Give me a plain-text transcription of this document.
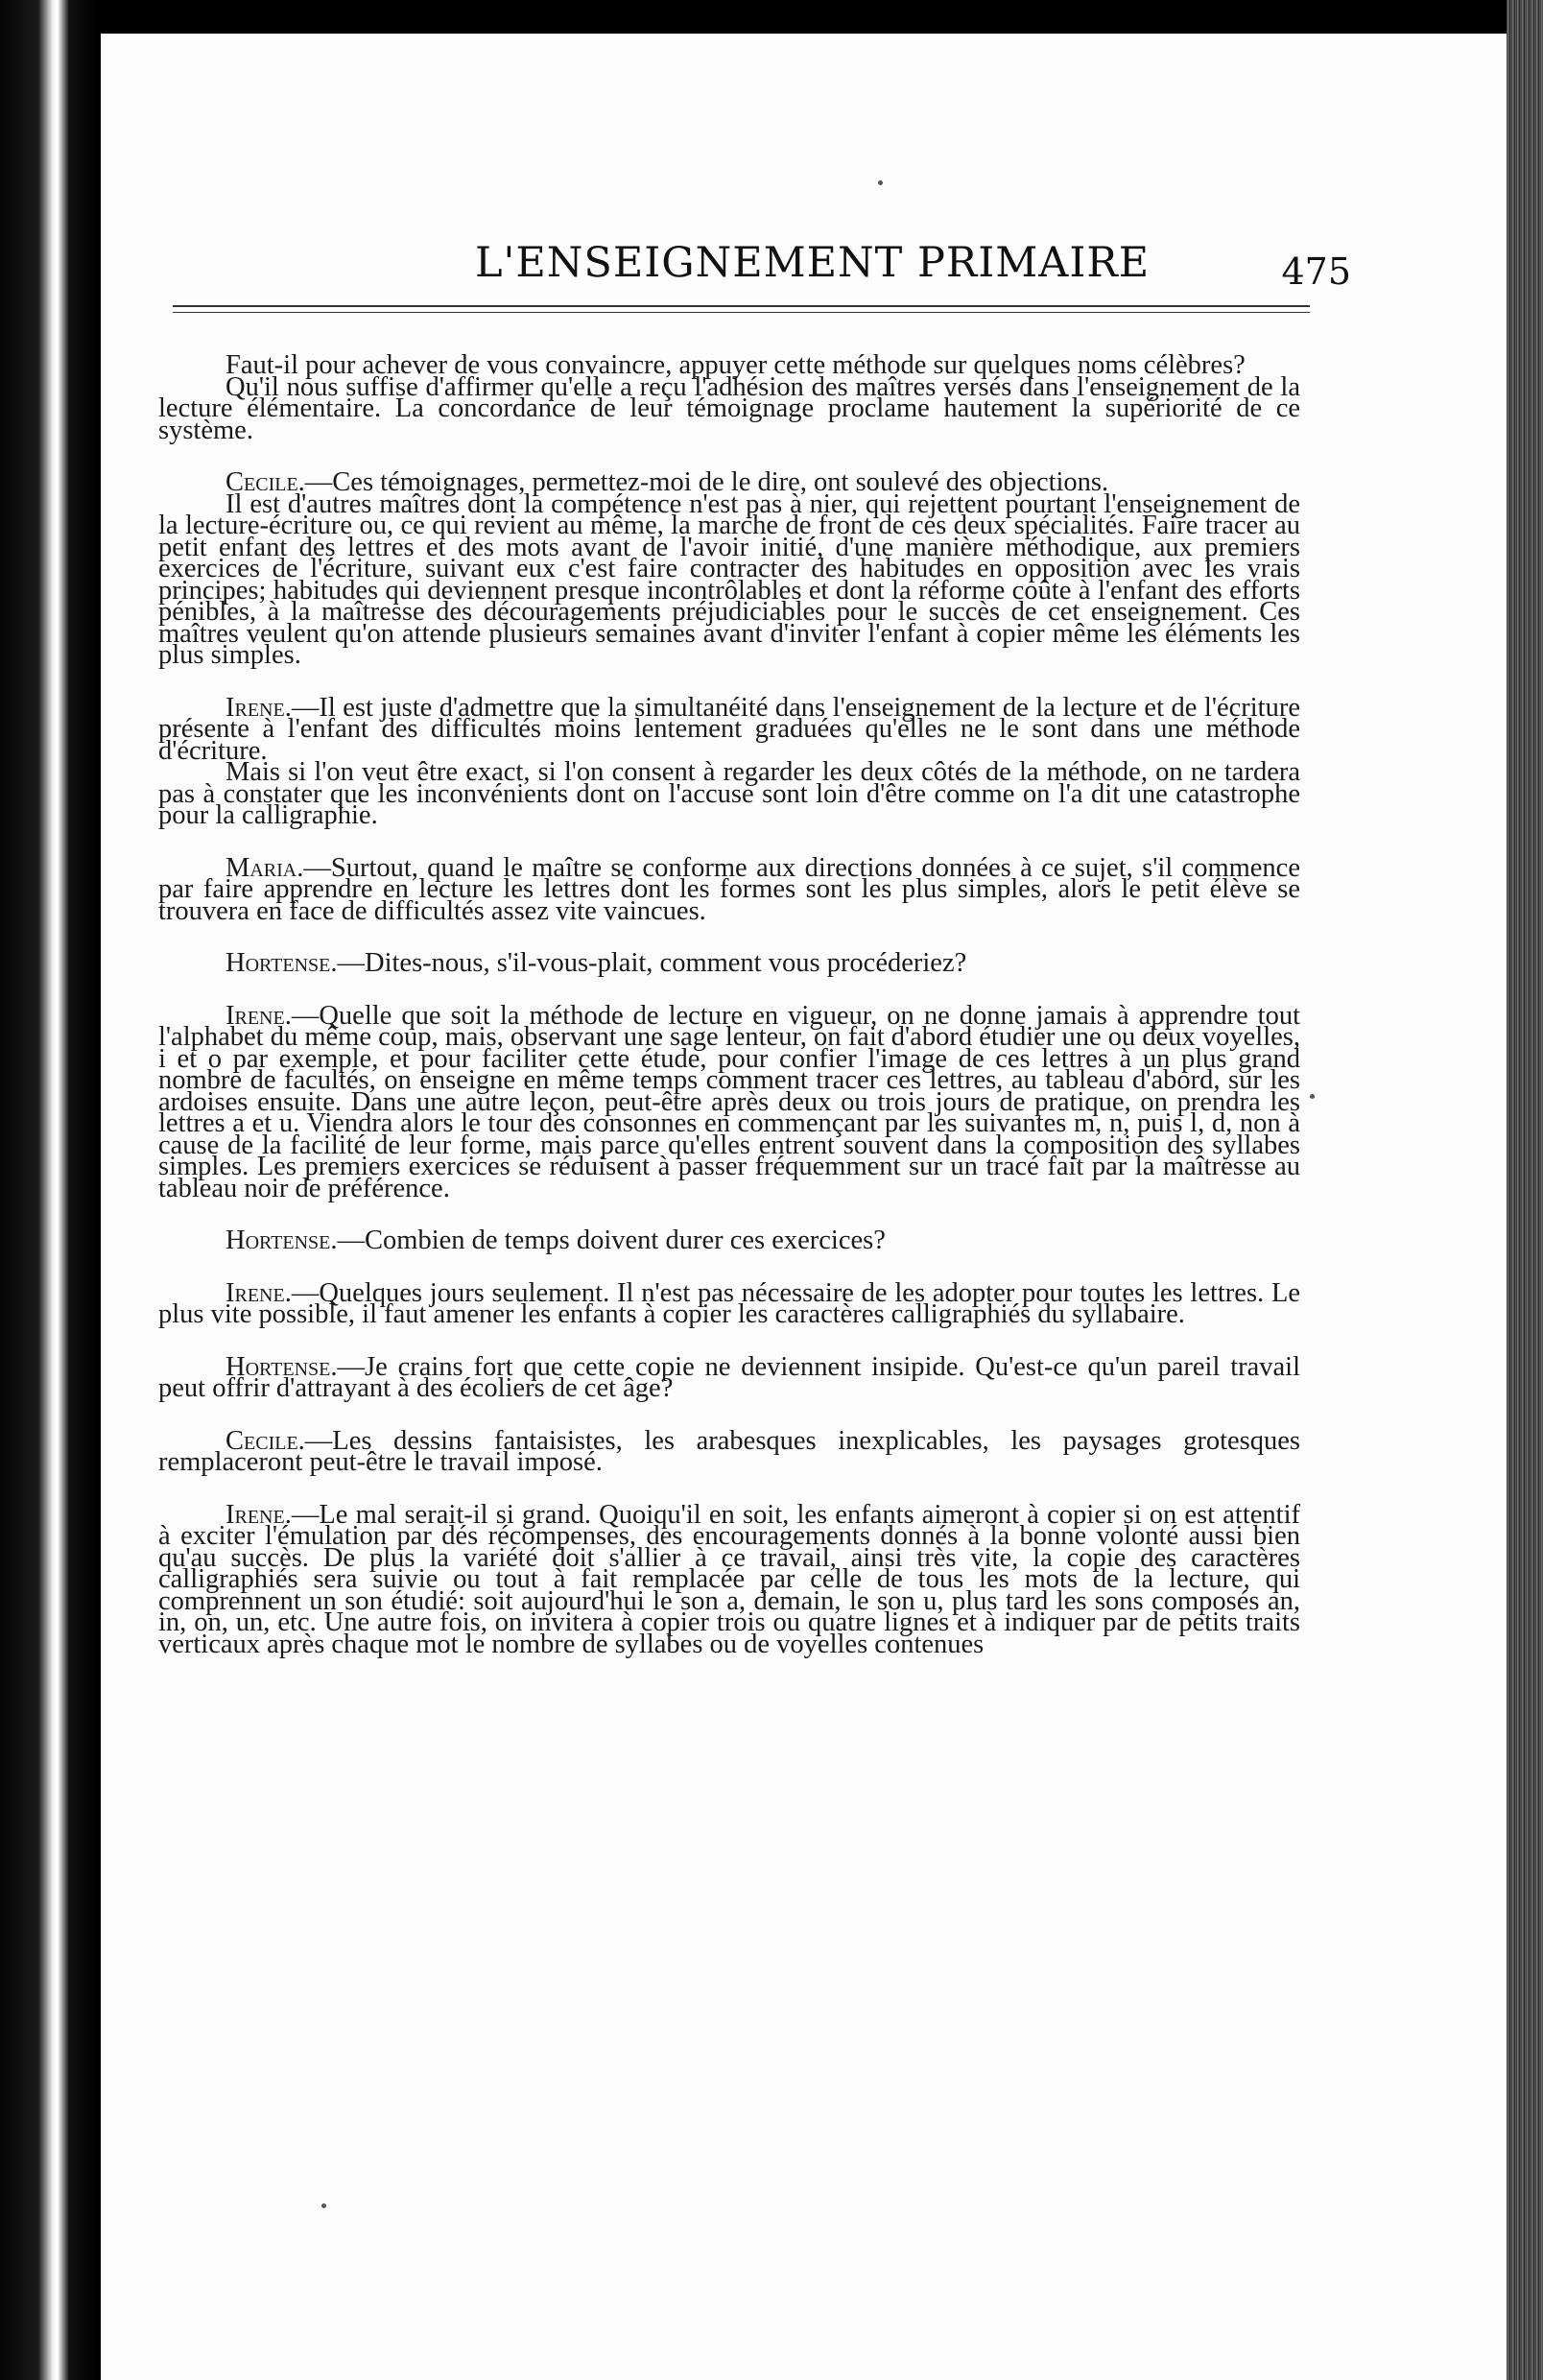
L'ENSEIGNEMENT PRIMAIRE	475

Faut-il pour achever de vous convaincre, appuyer cette méthode sur quelques noms célèbres?

Qu'il nous suffise d'affirmer qu'elle a reçu l'adhésion des maîtres versés dans l'enseignement de la lecture élémentaire. La concordance de leur témoignage proclame hautement la supériorité de ce système.

Cecile.—Ces témoignages, permettez-moi de le dire, ont soulevé des objections.

Il est d'autres maîtres dont la compétence n'est pas à nier, qui rejettent pourtant l'enseignement de la lecture-écriture ou, ce qui revient au même, la marche de front de ces deux spécialités. Faire tracer au petit enfant des lettres et des mots avant de l'avoir initié, d'une manière méthodique, aux premiers exercices de l'écriture, suivant eux c'est faire contracter des habitudes en opposition avec les vrais principes; habitudes qui deviennent presque incontrôlables et dont la réforme coûte à l'enfant des efforts pénibles, à la maîtresse des découragements préjudiciables pour le succès de cet enseignement. Ces maîtres veulent qu'on attende plusieurs semaines avant d'inviter l'enfant à copier même les éléments les plus simples.

Irene.—Il est juste d'admettre que la simultanéité dans l'enseignement de la lecture et de l'écriture présente à l'enfant des difficultés moins lentement graduées qu'elles ne le sont dans une méthode d'écriture.

Mais si l'on veut être exact, si l'on consent à regarder les deux côtés de la méthode, on ne tardera pas à constater que les inconvénients dont on l'accuse sont loin d'être comme on l'a dit une catastrophe pour la calligraphie.

Maria.—Surtout, quand le maître se conforme aux directions données à ce sujet, s'il commence par faire apprendre en lecture les lettres dont les formes sont les plus simples, alors le petit élève se trouvera en face de difficultés assez vite vaincues.

Hortense.—Dites-nous, s'il-vous-plait, comment vous procéderiez?

Irene.—Quelle que soit la méthode de lecture en vigueur, on ne donne jamais à apprendre tout l'alphabet du même coup, mais, observant une sage lenteur, on fait d'abord étudier une ou deux voyelles, i et o par exemple, et pour faciliter cette étude, pour confier l'image de ces lettres à un plus grand nombre de facultés, on enseigne en même temps comment tracer ces lettres, au tableau d'abord, sur les ardoises ensuite. Dans une autre leçon, peut-être après deux ou trois jours de pratique, on prendra les lettres a et u. Viendra alors le tour des consonnes en commençant par les suivantes m, n, puis l, d, non à cause de la facilité de leur forme, mais parce qu'elles entrent souvent dans la composition des syllabes simples. Les premiers exercices se réduisent à passer fréquemment sur un tracé fait par la maîtresse au tableau noir de préférence.

Hortense.—Combien de temps doivent durer ces exercices?

Irene.—Quelques jours seulement. Il n'est pas nécessaire de les adopter pour toutes les lettres. Le plus vite possible, il faut amener les enfants à copier les caractères calligraphiés du syllabaire.

Hortense.—Je crains fort que cette copie ne deviennent insipide. Qu'est-ce qu'un pareil travail peut offrir d'attrayant à des écoliers de cet âge?

Cecile.—Les dessins fantaisistes, les arabesques inexplicables, les paysages grotesques remplaceront peut-être le travail imposé.

Irene.—Le mal serait-il si grand. Quoiqu'il en soit, les enfants aimeront à copier si on est attentif à exciter l'émulation par dés récompenses, des encouragements donnés à la bonne volonté aussi bien qu'au succès. De plus la variété doit s'allier à ce travail, ainsi très vite, la copie des caractères calligraphiés sera suivie ou tout à fait remplacée par celle de tous les mots de la lecture, qui comprennent un son étudié: soit aujourd'hui le son a, demain, le son u, plus tard les sons composés an, in, on, un, etc. Une autre fois, on invitera à copier trois ou quatre lignes et à indiquer par de petits traits verticaux après chaque mot le nombre de syllabes ou de voyelles contenues
